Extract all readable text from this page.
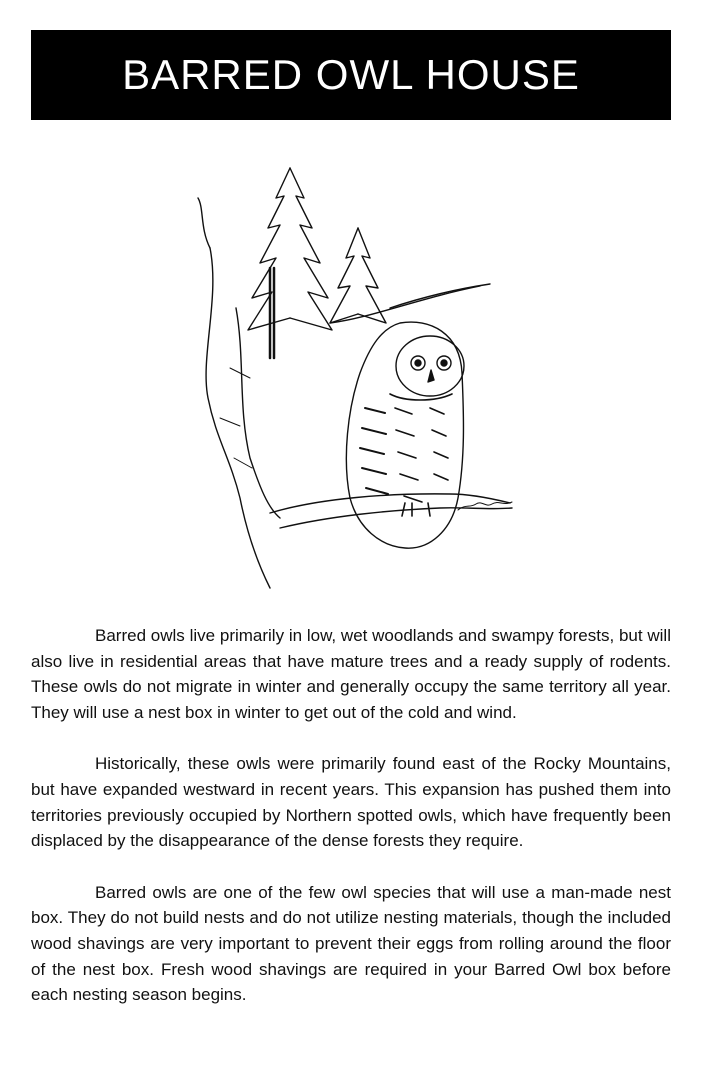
BARRED OWL HOUSE

Barred owls live primarily in low, wet woodlands and swampy forests, but will also live in residential areas that have mature trees and a ready supply of rodents. These owls do not migrate in winter and generally occupy the same territory all year. They will use a nest box in winter to get out of the cold and wind.

Historically, these owls were primarily found east of the Rocky Mountains, but have expanded westward in recent years. This expansion has pushed them into territories previously occupied by Northern spotted owls, which have frequently been displaced by the disappearance of the dense forests they require.

Barred owls are one of the few owl species that will use a man-made nest box. They do not build nests and do not utilize nesting materials, though the included wood shavings are very important to prevent their eggs from rolling around the floor of the nest box. Fresh wood shavings are required in your Barred Owl box before each nesting season begins.
